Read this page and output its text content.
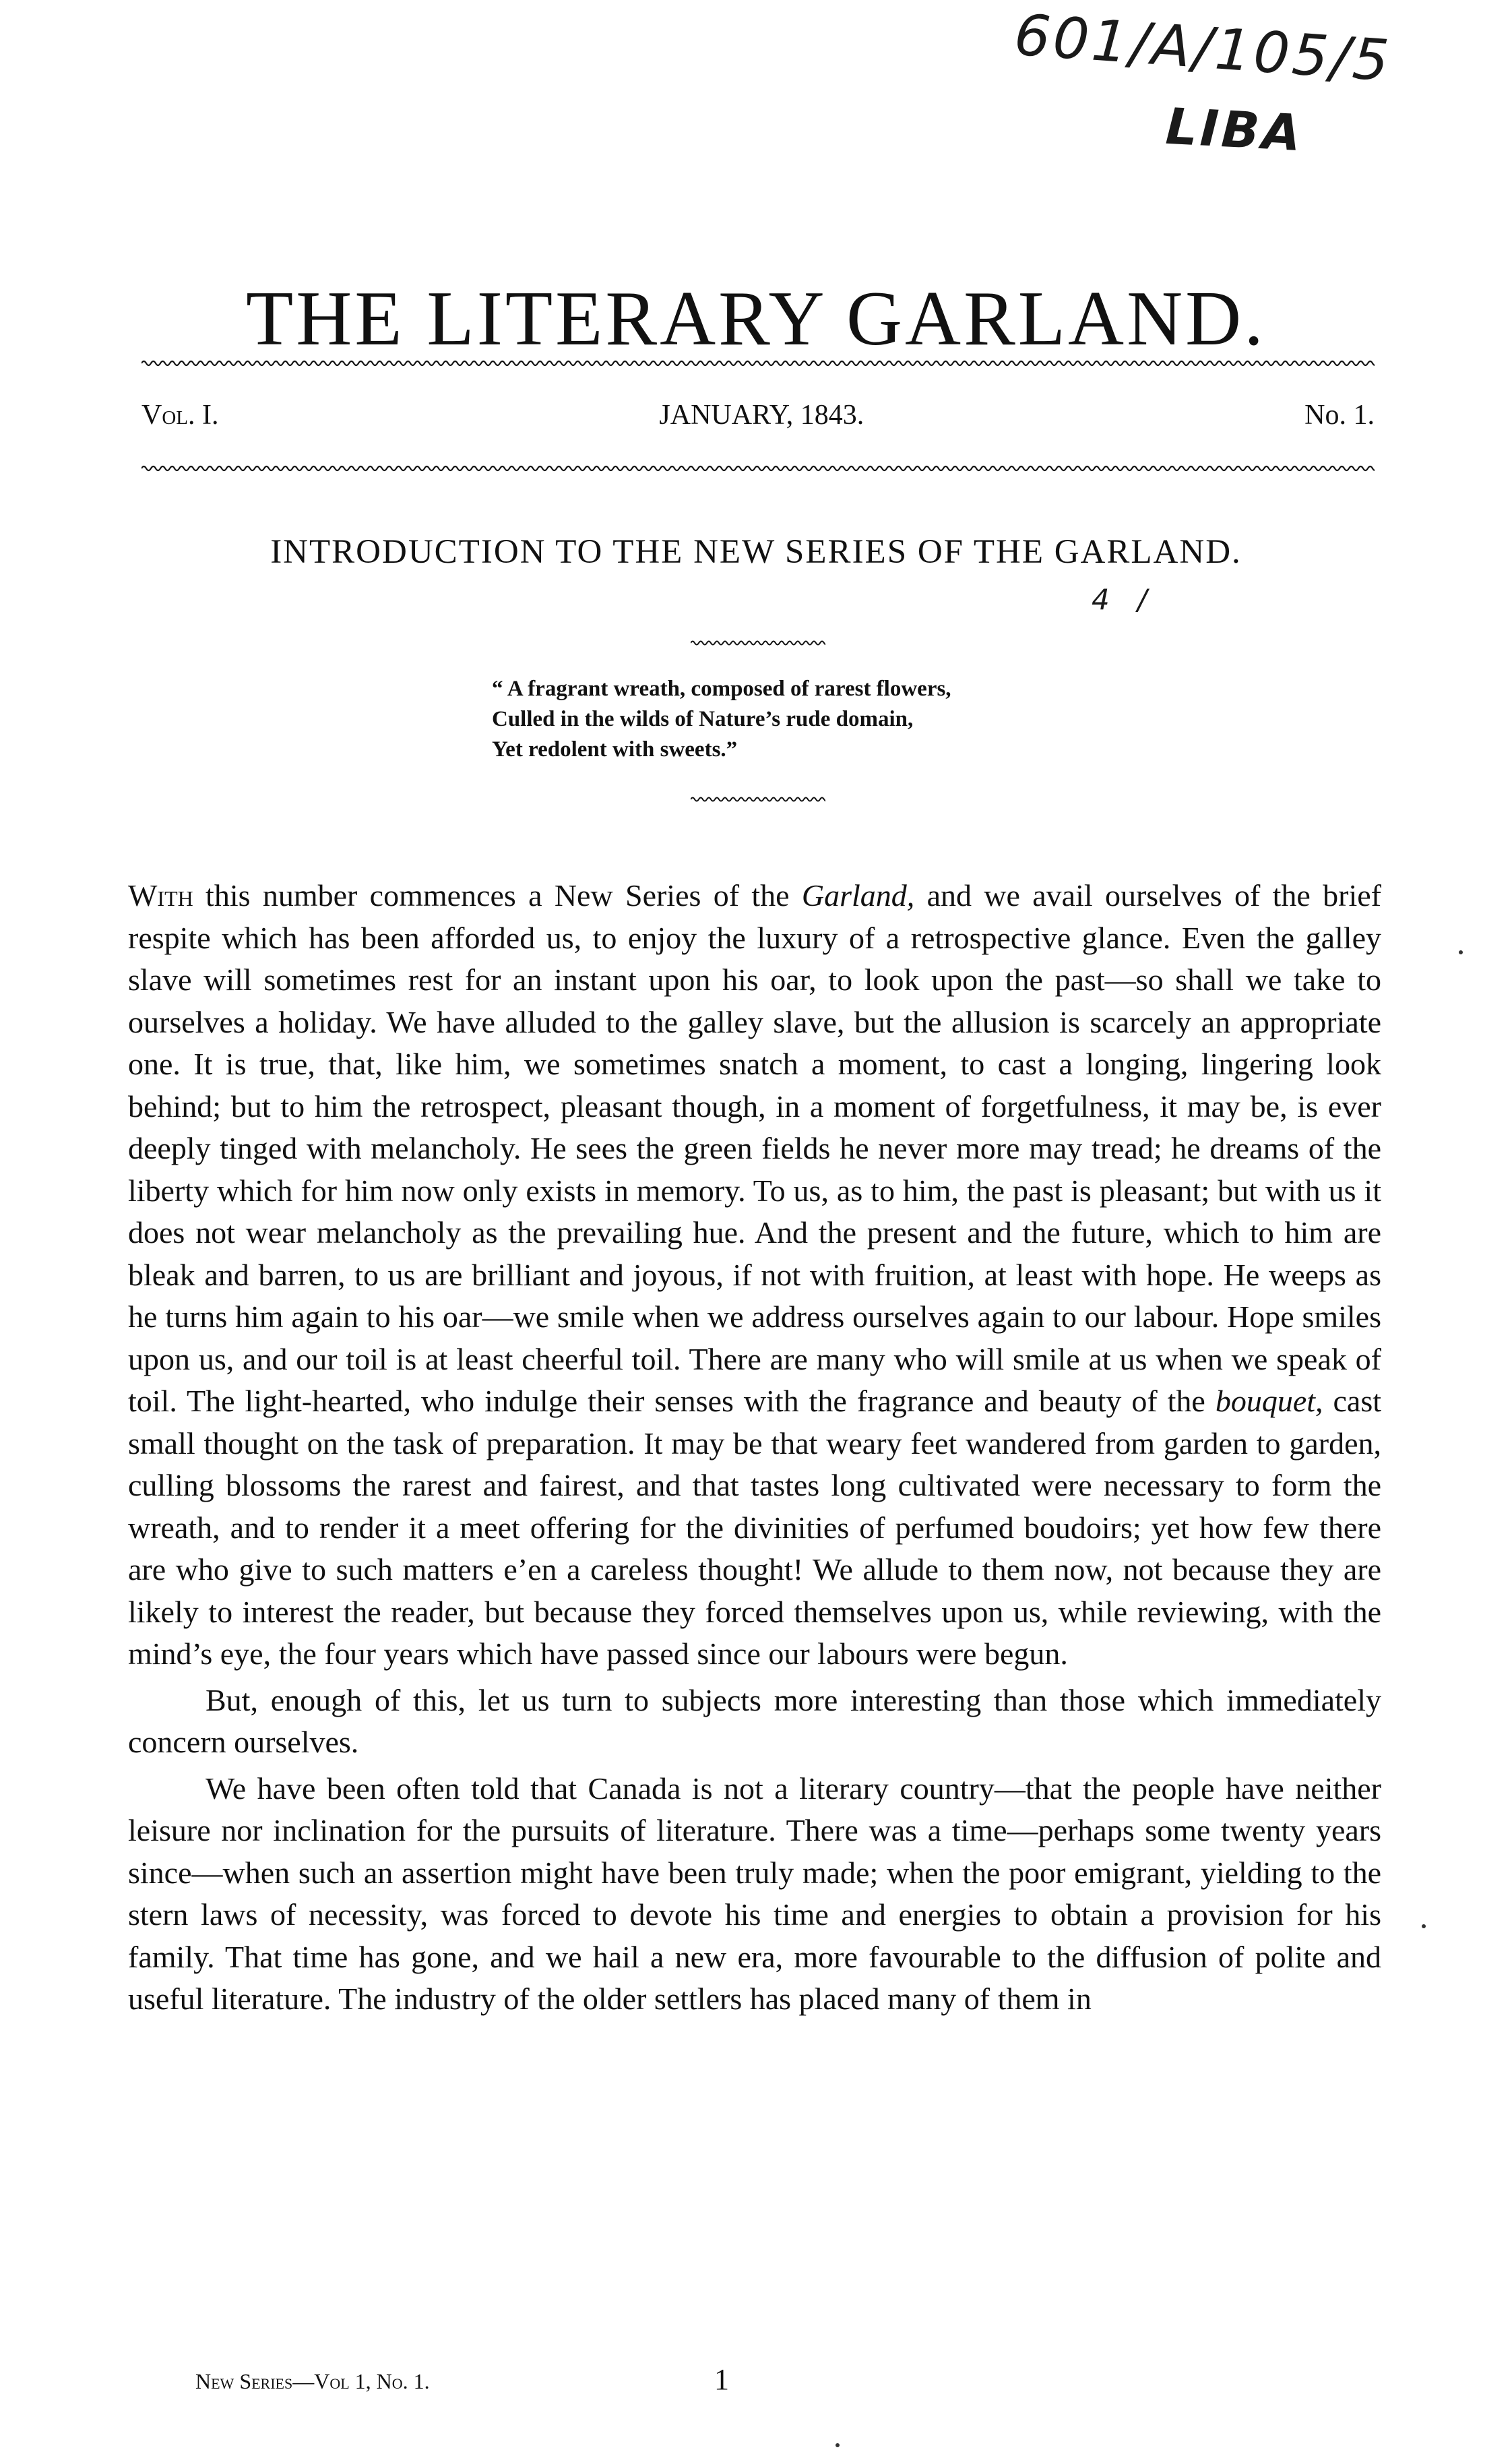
601/A/105/5
LIBA
4 /
THE LITERARY GARLAND.
Vol. I.	JANUARY, 1843.	No. 1.
INTRODUCTION TO THE NEW SERIES OF THE GARLAND.
“ A fragrant wreath, composed of rarest flowers,
Culled in the wilds of Nature’s rude domain,
Yet redolent with sweets.”

With this number commences a New Series of the Garland, and we avail ourselves of the brief respite which has been afforded us, to enjoy the luxury of a retrospective glance. Even the galley slave will sometimes rest for an instant upon his oar, to look upon the past—so shall we take to ourselves a holiday. We have alluded to the galley slave, but the allusion is scarcely an appropriate one. It is true, that, like him, we sometimes snatch a moment, to cast a longing, lingering look behind; but to him the retrospect, pleasant though, in a moment of forgetfulness, it may be, is ever deeply tinged with melancholy. He sees the green fields he never more may tread; he dreams of the liberty which for him now only exists in memory. To us, as to him, the past is pleasant; but with us it does not wear melancholy as the prevailing hue. And the present and the future, which to him are bleak and barren, to us are brilliant and joyous, if not with fruition, at least with hope. He weeps as he turns him again to his oar—we smile when we address ourselves again to our labour. Hope smiles upon us, and our toil is at least cheerful toil. There are many who will smile at us when we speak of toil. The light-hearted, who indulge their senses with the fragrance and beauty of the bouquet, cast small thought on the task of preparation. It may be that weary feet wandered from garden to garden, culling blossoms the rarest and fairest, and that tastes long cultivated were necessary to form the wreath, and to render it a meet offering for the divinities of perfumed boudoirs; yet how few there are who give to such matters e’en a careless thought! We allude to them now, not because they are likely to interest the reader, but because they forced themselves upon us, while reviewing, with the mind’s eye, the four years which have passed since our labours were begun.

But, enough of this, let us turn to subjects more interesting than those which immediately concern ourselves.

We have been often told that Canada is not a literary country—that the people have neither leisure nor inclination for the pursuits of literature. There was a time—perhaps some twenty years since—when such an assertion might have been truly made; when the poor emigrant, yielding to the stern laws of necessity, was forced to devote his time and energies to obtain a provision for his family. That time has gone, and we hail a new era, more favourable to the diffusion of polite and useful literature. The industry of the older settlers has placed many of them in

New Series—Vol 1, No. 1.	1
